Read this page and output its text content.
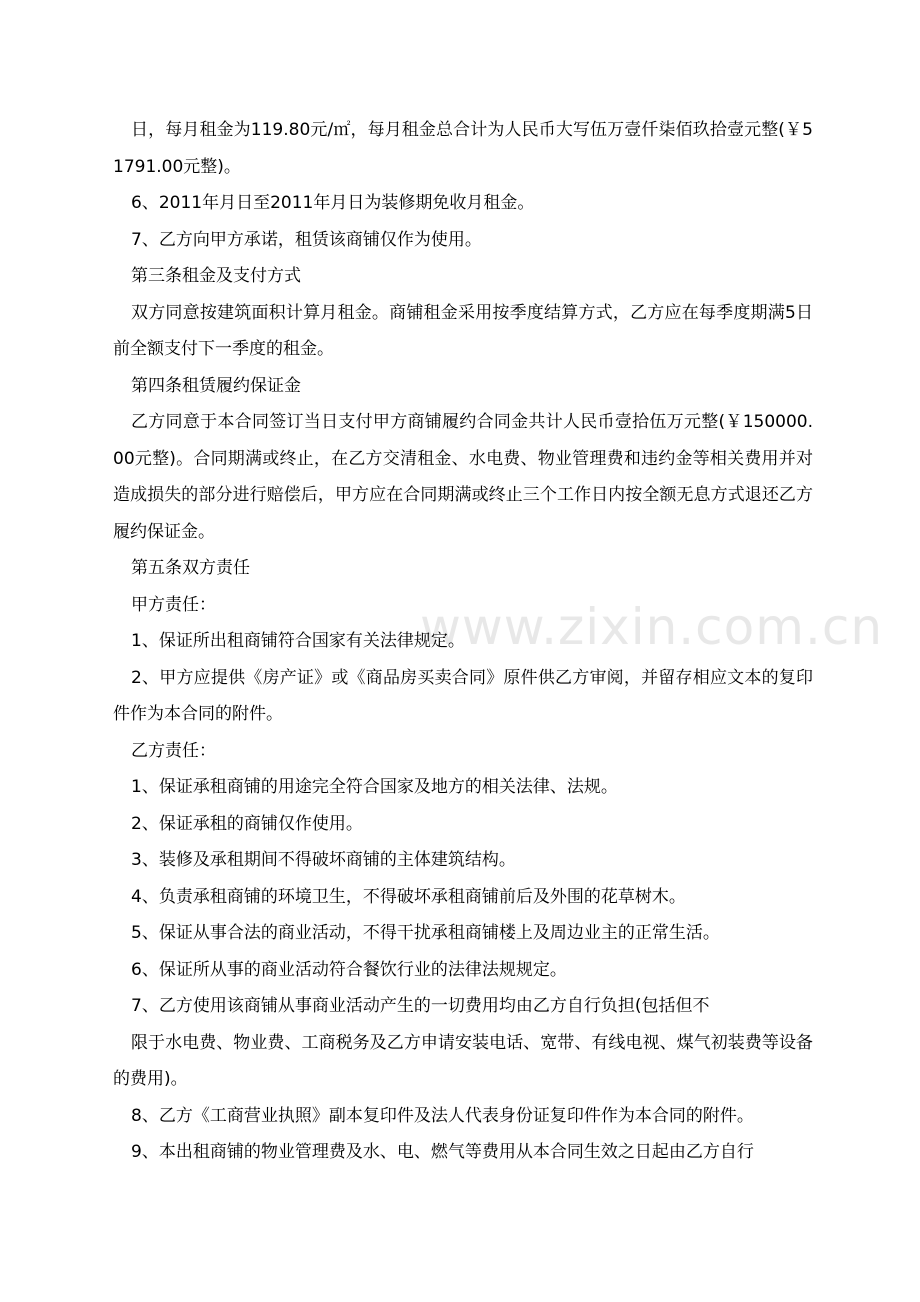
www.zixin.com.cn

日，每月租金为119.80元/㎡，每月租金总合计为人民币大写伍万壹仟柒佰玖拾壹元整(￥51791.00元整)。

6、2011年月日至2011年月日为装修期免收月租金。

7、乙方向甲方承诺，租赁该商铺仅作为使用。

第三条租金及支付方式

双方同意按建筑面积计算月租金。商铺租金采用按季度结算方式，乙方应在每季度期满5日前全额支付下一季度的租金。

第四条租赁履约保证金

乙方同意于本合同签订当日支付甲方商铺履约合同金共计人民币壹拾伍万元整(￥150000.00元整)。合同期满或终止，在乙方交清租金、水电费、物业管理费和违约金等相关费用并对造成损失的部分进行赔偿后，甲方应在合同期满或终止三个工作日内按全额无息方式退还乙方履约保证金。

第五条双方责任

甲方责任：

1、保证所出租商铺符合国家有关法律规定。

2、甲方应提供《房产证》或《商品房买卖合同》原件供乙方审阅，并留存相应文本的复印件作为本合同的附件。

乙方责任：

1、保证承租商铺的用途完全符合国家及地方的相关法律、法规。

2、保证承租的商铺仅作使用。

3、装修及承租期间不得破坏商铺的主体建筑结构。

4、负责承租商铺的环境卫生，不得破坏承租商铺前后及外围的花草树木。

5、保证从事合法的商业活动，不得干扰承租商铺楼上及周边业主的正常生活。

6、保证所从事的商业活动符合餐饮行业的法律法规规定。

7、乙方使用该商铺从事商业活动产生的一切费用均由乙方自行负担(包括但不

限于水电费、物业费、工商税务及乙方申请安装电话、宽带、有线电视、煤气初装费等设备的费用)。

8、乙方《工商营业执照》副本复印件及法人代表身份证复印件作为本合同的附件。

9、本出租商铺的物业管理费及水、电、燃气等费用从本合同生效之日起由乙方自行
